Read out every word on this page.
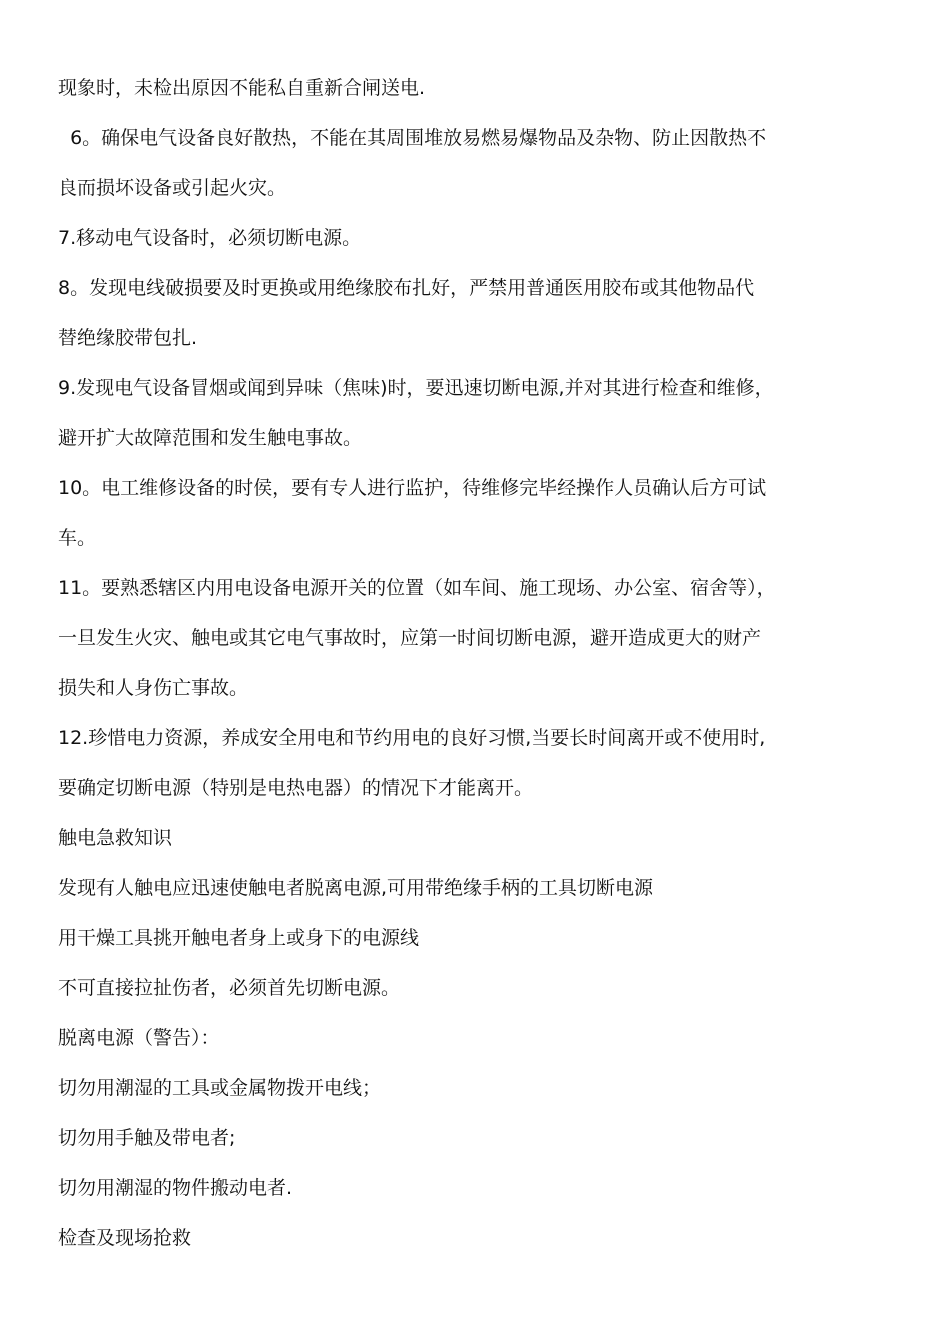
现象时，未检出原因不能私自重新合闸送电.
6。确保电气设备良好散热，不能在其周围堆放易燃易爆物品及杂物、防止因散热不
良而损坏设备或引起火灾。
7.移动电气设备时，必须切断电源。
8。发现电线破损要及时更换或用绝缘胶布扎好，严禁用普通医用胶布或其他物品代
替绝缘胶带包扎.
9.发现电气设备冒烟或闻到异味（焦味)时，要迅速切断电源,并对其进行检查和维修，
避开扩大故障范围和发生触电事故。
10。电工维修设备的时侯，要有专人进行监护，待维修完毕经操作人员确认后方可试
车。
11。要熟悉辖区内用电设备电源开关的位置（如车间、施工现场、办公室、宿舍等），
一旦发生火灾、触电或其它电气事故时，应第一时间切断电源，避开造成更大的财产
损失和人身伤亡事故。
12.珍惜电力资源，养成安全用电和节约用电的良好习惯,当要长时间离开或不使用时,
要确定切断电源（特别是电热电器）的情况下才能离开。
触电急救知识
发现有人触电应迅速使触电者脱离电源,可用带绝缘手柄的工具切断电源
用干燥工具挑开触电者身上或身下的电源线
不可直接拉扯伤者，必须首先切断电源。
脱离电源（警告）：
切勿用潮湿的工具或金属物拨开电线；
切勿用手触及带电者;
切勿用潮湿的物件搬动电者.
检查及现场抢救
